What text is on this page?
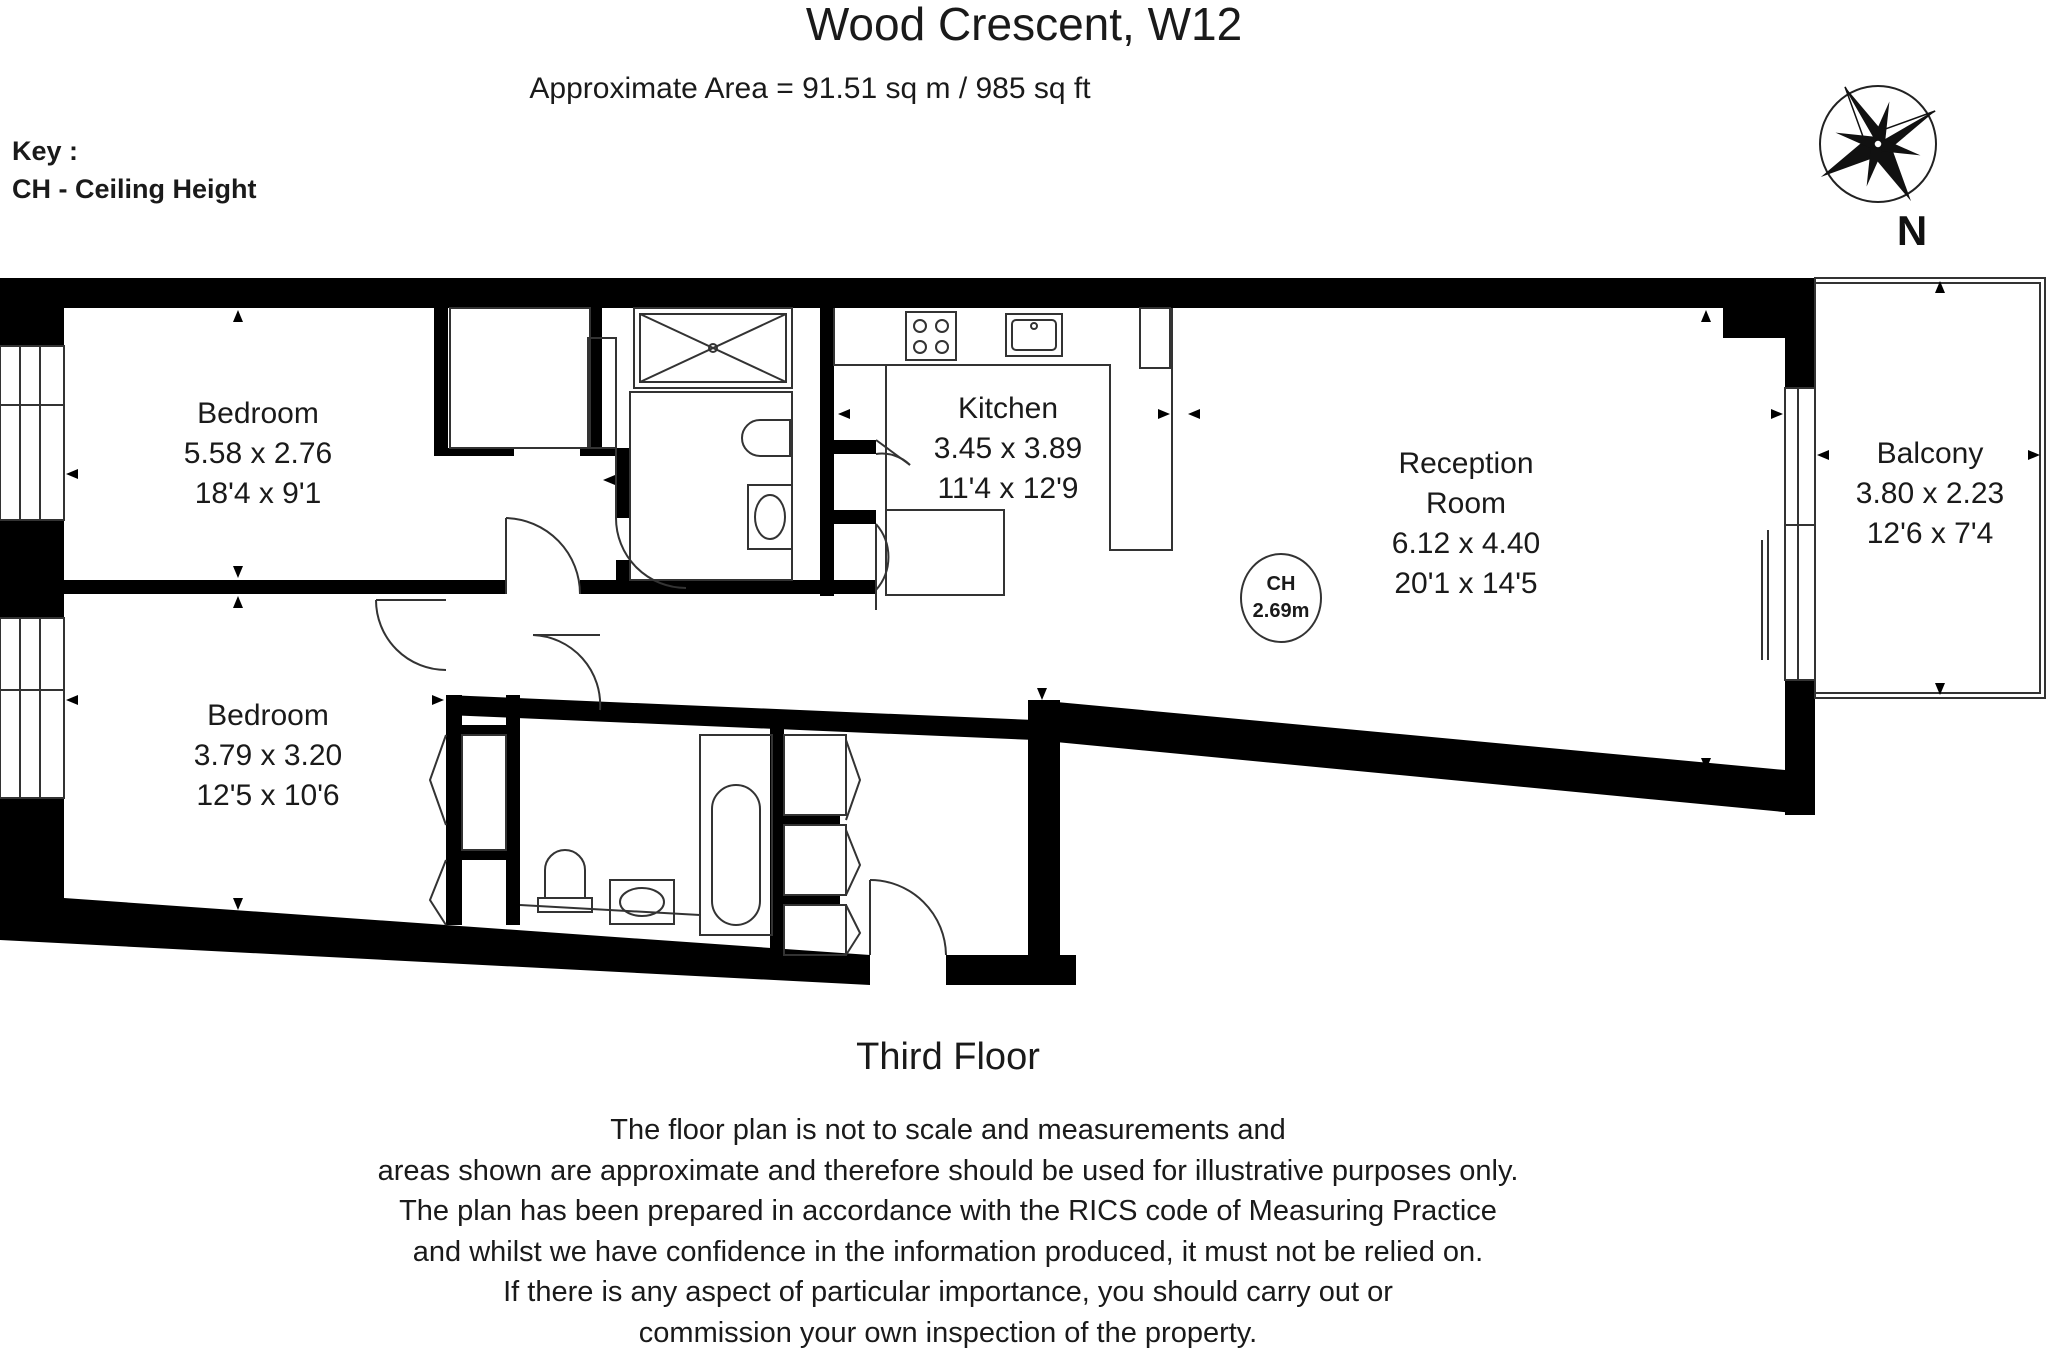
Wood Crescent, W12
Approximate Area = 91.51 sq m / 985 sq ft
Key :
CH - Ceiling Height
N
Bedroom
5.58 x 2.76
18'4 x 9'1
Bedroom
3.79 x 3.20
12'5 x 10'6
Kitchen
3.45 x 3.89
11'4 x 12'9
Reception
Room
6.12 x 4.40
20'1 x 14'5
Balcony
3.80 x 2.23
12'6 x 7'4
CH
2.69m
Third Floor
The floor plan is not to scale and measurements and
areas shown are approximate and therefore should be used for illustrative purposes only.
The plan has been prepared in accordance with the RICS code of Measuring Practice
and whilst we have confidence in the information produced, it must not be relied on.
If there is any aspect of particular importance, you should carry out or
commission your own inspection of the property.
